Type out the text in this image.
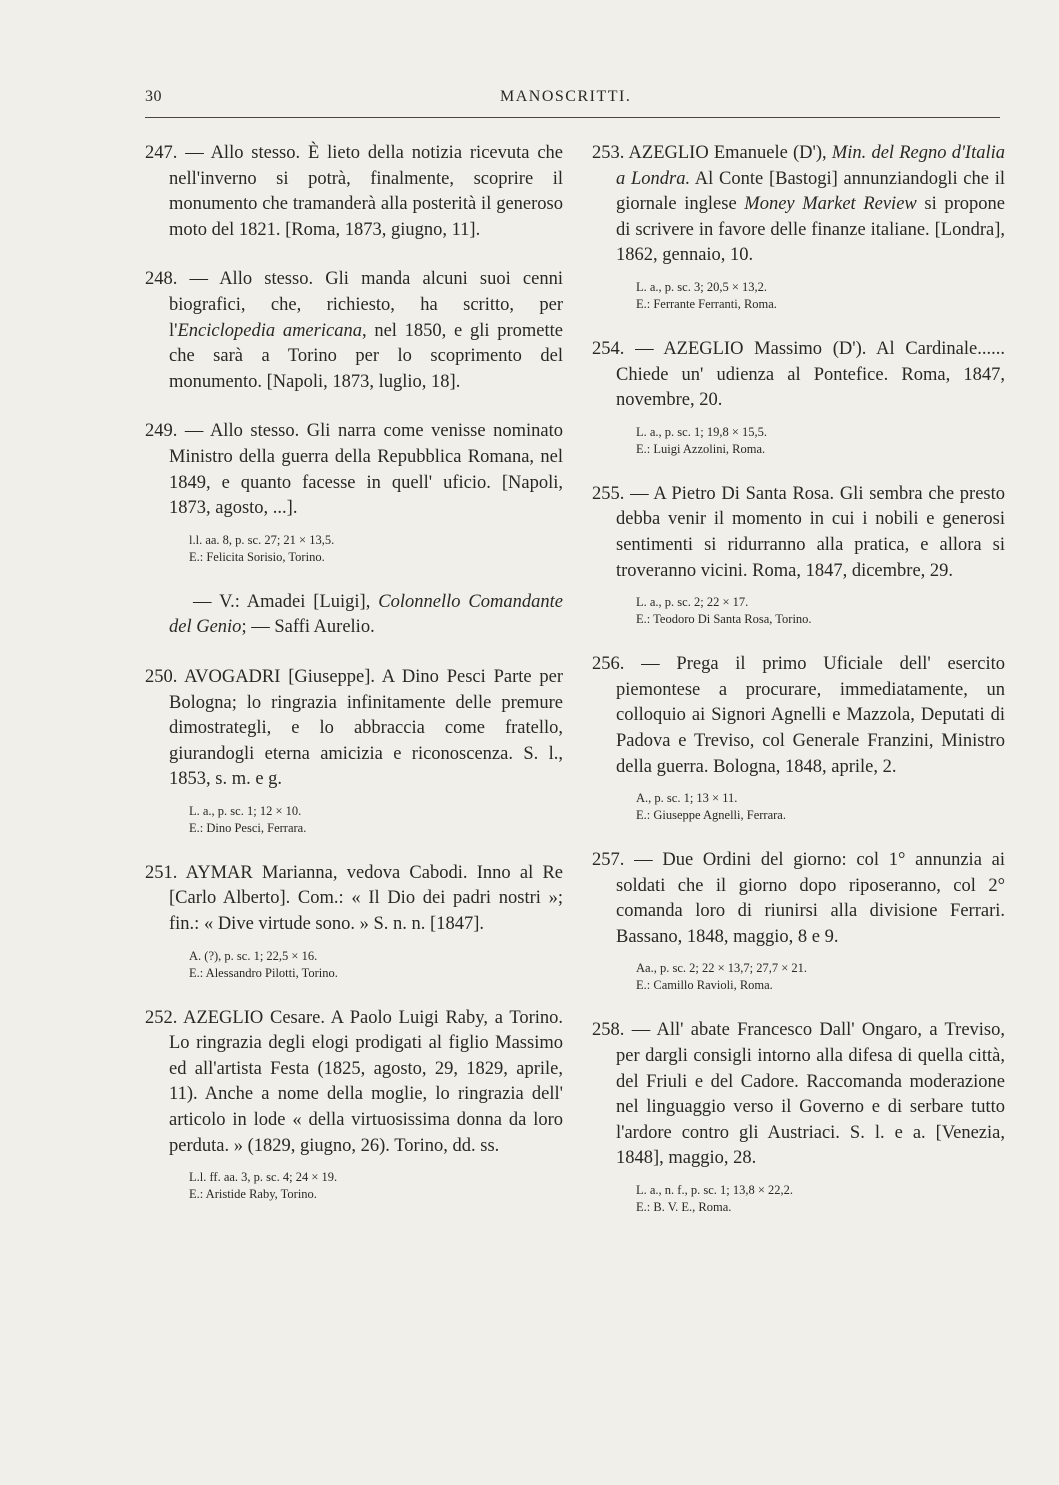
30	MANOSCRITTI.

247. — Allo stesso. È lieto della notizia ricevuta che nell'inverno si potrà, finalmente, scoprire il monumento che tramanderà alla posterità il generoso moto del 1821. [Roma, 1873, giugno, 11].

248. — Allo stesso. Gli manda alcuni suoi cenni biografici, che, richiesto, ha scritto, per l'Enciclopedia americana, nel 1850, e gli promette che sarà a Torino per lo scoprimento del monumento. [Napoli, 1873, luglio, 18].

249. — Allo stesso. Gli narra come venisse nominato Ministro della guerra della Repubblica Romana, nel 1849, e quanto facesse in quell' uficio. [Napoli, 1873, agosto, ...].

l.l. aa. 8, p. sc. 27; 21 × 13,5.

E.: Felicita Sorisio, Torino.

— V.: Amadei [Luigi], Colonnello Comandante del Genio; — Saffi Aurelio.

250. AVOGADRI [Giuseppe]. A Dino Pesci Parte per Bologna; lo ringrazia infinitamente delle premure dimostrategli, e lo abbraccia come fratello, giurandogli eterna amicizia e riconoscenza. S. l., 1853, s. m. e g.

L. a., p. sc. 1; 12 × 10.

E.: Dino Pesci, Ferrara.

251. AYMAR Marianna, vedova Cabodi. Inno al Re [Carlo Alberto]. Com.: « Il Dio dei padri nostri »; fin.: « Dive virtude sono. » S. n. n. [1847].

A. (?), p. sc. 1; 22,5 × 16.

E.: Alessandro Pilotti, Torino.

252. AZEGLIO Cesare. A Paolo Luigi Raby, a Torino. Lo ringrazia degli elogi prodigati al figlio Massimo ed all'artista Festa (1825, agosto, 29, 1829, aprile, 11). Anche a nome della moglie, lo ringrazia dell' articolo in lode « della virtuosissima donna da loro perduta. » (1829, giugno, 26). Torino, dd. ss.

L.l. ff. aa. 3, p. sc. 4; 24 × 19.

E.: Aristide Raby, Torino.

253. AZEGLIO Emanuele (D'), Min. del Regno d'Italia a Londra. Al Conte [Bastogi] annunziandogli che il giornale inglese Money Market Review si propone di scrivere in favore delle finanze italiane. [Londra], 1862, gennaio, 10.

L. a., p. sc. 3; 20,5 × 13,2.

E.: Ferrante Ferranti, Roma.

254. — AZEGLIO Massimo (D'). Al Cardinale...... Chiede un' udienza al Pontefice. Roma, 1847, novembre, 20.

L. a., p. sc. 1; 19,8 × 15,5.

E.: Luigi Azzolini, Roma.

255. — A Pietro Di Santa Rosa. Gli sembra che presto debba venir il momento in cui i nobili e generosi sentimenti si ridurranno alla pratica, e allora si troveranno vicini. Roma, 1847, dicembre, 29.

L. a., p. sc. 2; 22 × 17.

E.: Teodoro Di Santa Rosa, Torino.

256. — Prega il primo Uficiale dell' esercito piemontese a procurare, immediatamente, un colloquio ai Signori Agnelli e Mazzola, Deputati di Padova e Treviso, col Generale Franzini, Ministro della guerra. Bologna, 1848, aprile, 2.

A., p. sc. 1; 13 × 11.

E.: Giuseppe Agnelli, Ferrara.

257. — Due Ordini del giorno: col 1° annunzia ai soldati che il giorno dopo riposeranno, col 2° comanda loro di riunirsi alla divisione Ferrari. Bassano, 1848, maggio, 8 e 9.

Aa., p. sc. 2; 22 × 13,7; 27,7 × 21.

E.: Camillo Ravioli, Roma.

258. — All' abate Francesco Dall' Ongaro, a Treviso, per dargli consigli intorno alla difesa di quella città, del Friuli e del Cadore. Raccomanda moderazione nel linguaggio verso il Governo e di serbare tutto l'ardore contro gli Austriaci. S. l. e a. [Venezia, 1848], maggio, 28.

L. a., n. f., p. sc. 1; 13,8 × 22,2.

E.: B. V. E., Roma.
